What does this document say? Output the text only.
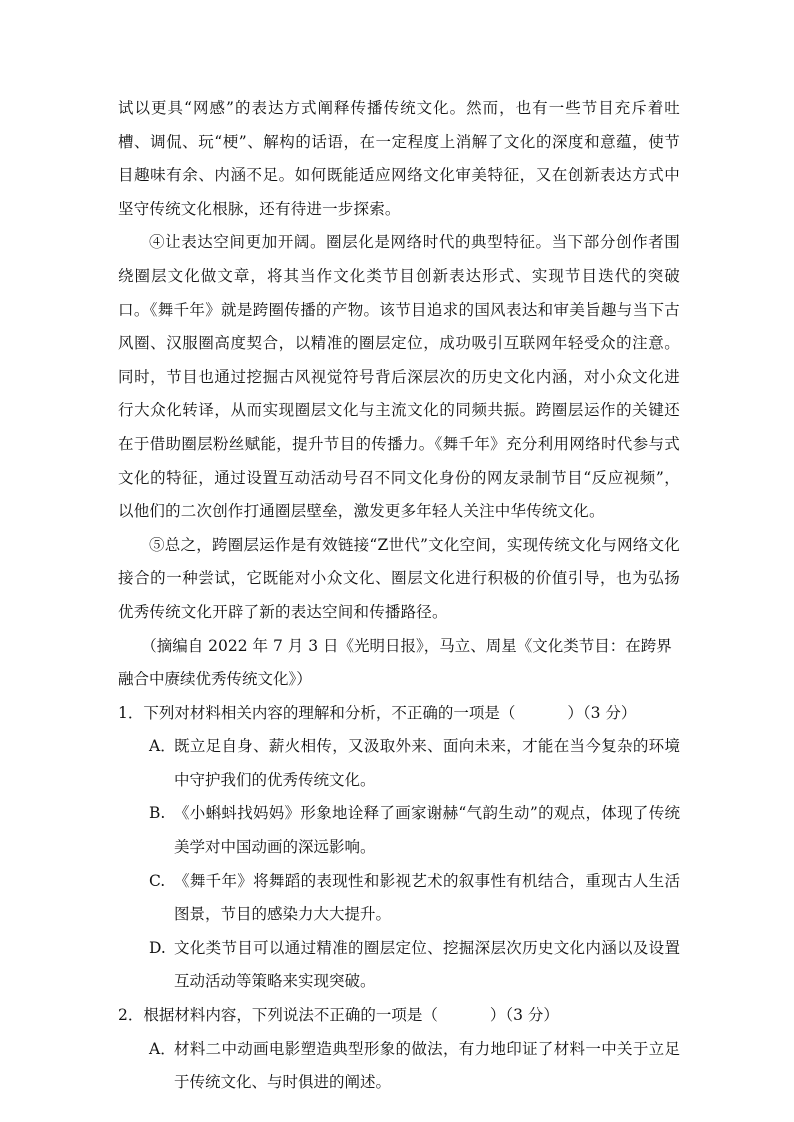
试以更具“网感”的表达方式阐释传播传统文化。然而，也有一些节目充斥着吐槽、调侃、玩“梗”、解构的话语，在一定程度上消解了文化的深度和意蕴，使节目趣味有余、内涵不足。如何既能适应网络文化审美特征，又在创新表达方式中坚守传统文化根脉，还有待进一步探索。

④让表达空间更加开阔。圈层化是网络时代的典型特征。当下部分创作者围绕圈层文化做文章，将其当作文化类节目创新表达形式、实现节目迭代的突破口。《舞千年》就是跨圈传播的产物。该节目追求的国风表达和审美旨趣与当下古风圈、汉服圈高度契合，以精准的圈层定位，成功吸引互联网年轻受众的注意。同时，节目也通过挖掘古风视觉符号背后深层次的历史文化内涵，对小众文化进行大众化转译，从而实现圈层文化与主流文化的同频共振。跨圈层运作的关键还在于借助圈层粉丝赋能，提升节目的传播力。《舞千年》充分利用网络时代参与式文化的特征，通过设置互动活动号召不同文化身份的网友录制节目“反应视频”，以他们的二次创作打通圈层壁垒，激发更多年轻人关注中华传统文化。

⑤总之，跨圈层运作是有效链接“Z世代”文化空间，实现传统文化与网络文化接合的一种尝试，它既能对小众文化、圈层文化进行积极的价值引导，也为弘扬优秀传统文化开辟了新的表达空间和传播路径。

（摘编自 2022 年 7 月 3 日《光明日报》，马立、周星《文化类节目：在跨界融合中赓续优秀传统文化》）

1．下列对材料相关内容的理解和分析，不正确的一项是（	）（3 分）
A．
既立足自身、薪火相传，又汲取外来、面向未来，才能在当今复杂的环境中守护我们的优秀传统文化。
B. 《小蝌蚪找妈妈》形象地诠释了画家谢赫“气韵生动”的观点，体现了传统美学对中国动画的深远影响。
C. 《舞千年》将舞蹈的表现性和影视艺术的叙事性有机结合，重现古人生活图景，节目的感染力大大提升。
D. 文化类节目可以通过精准的圈层定位、挖掘深层次历史文化内涵以及设置互动活动等策略来实现突破。
2．根据材料内容，下列说法不正确的一项是（	）（3 分）
A．
材料二中动画电影塑造典型形象的做法，有力地印证了材料一中关于立足于传统文化、与时俱进的阐述。
